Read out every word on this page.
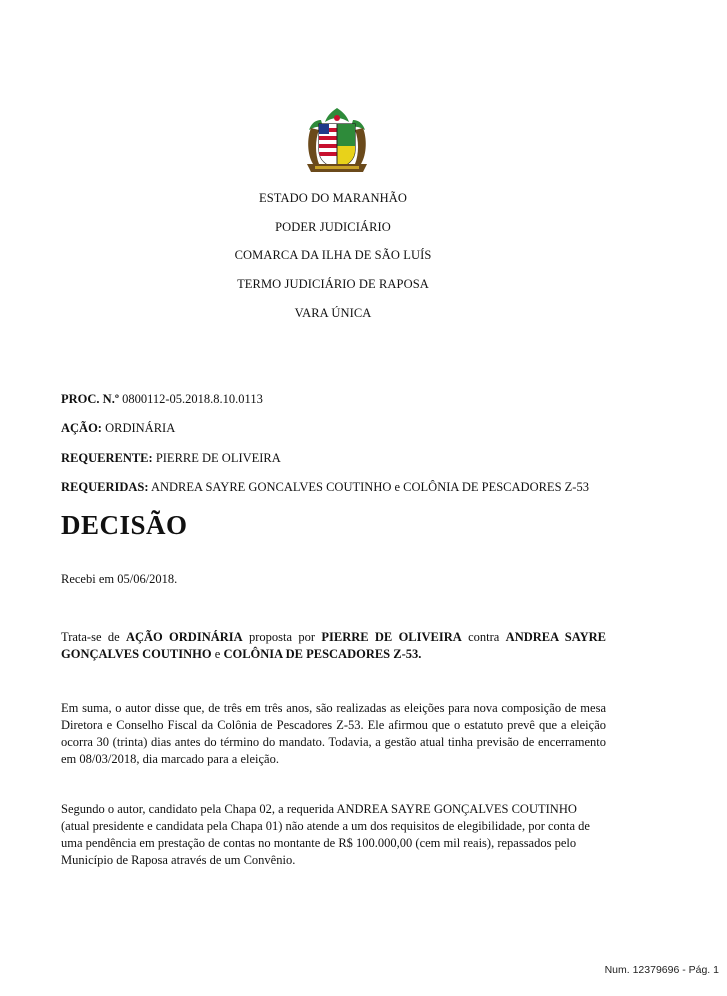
ESTADO DO MARANHÃO
PODER JUDICIÁRIO
COMARCA DA ILHA DE SÃO LUÍS
TERMO JUDICIÁRIO DE RAPOSA
VARA ÚNICA
PROC. N.º 0800112-05.2018.8.10.0113
AÇÃO: ORDINÁRIA
REQUERENTE: PIERRE DE OLIVEIRA
REQUERIDAS: ANDREA SAYRE GONCALVES COUTINHO e COLÔNIA DE PESCADORES Z-53
DECISÃO
Recebi em 05/06/2018.
Trata-se de AÇÃO ORDINÁRIA proposta por PIERRE DE OLIVEIRA contra ANDREA SAYRE GONÇALVES COUTINHO e COLÔNIA DE PESCADORES Z-53.
Em suma, o autor disse que, de três em três anos, são realizadas as eleições para nova composição de mesa Diretora e Conselho Fiscal da Colônia de Pescadores Z-53. Ele afirmou que o estatuto prevê que a eleição ocorra 30 (trinta) dias antes do término do mandato. Todavia, a gestão atual tinha previsão de encerramento em 08/03/2018, dia marcado para a eleição.
Segundo o autor, candidato pela Chapa 02, a requerida ANDREA SAYRE GONÇALVES COUTINHO
(atual presidente e candidata pela Chapa 01) não atende a um dos requisitos de elegibilidade, por conta de
uma pendência em prestação de contas no montante de R$ 100.000,00 (cem mil reais), repassados pelo
Município de Raposa através de um Convênio.
Num. 12379696 - Pág. 1
